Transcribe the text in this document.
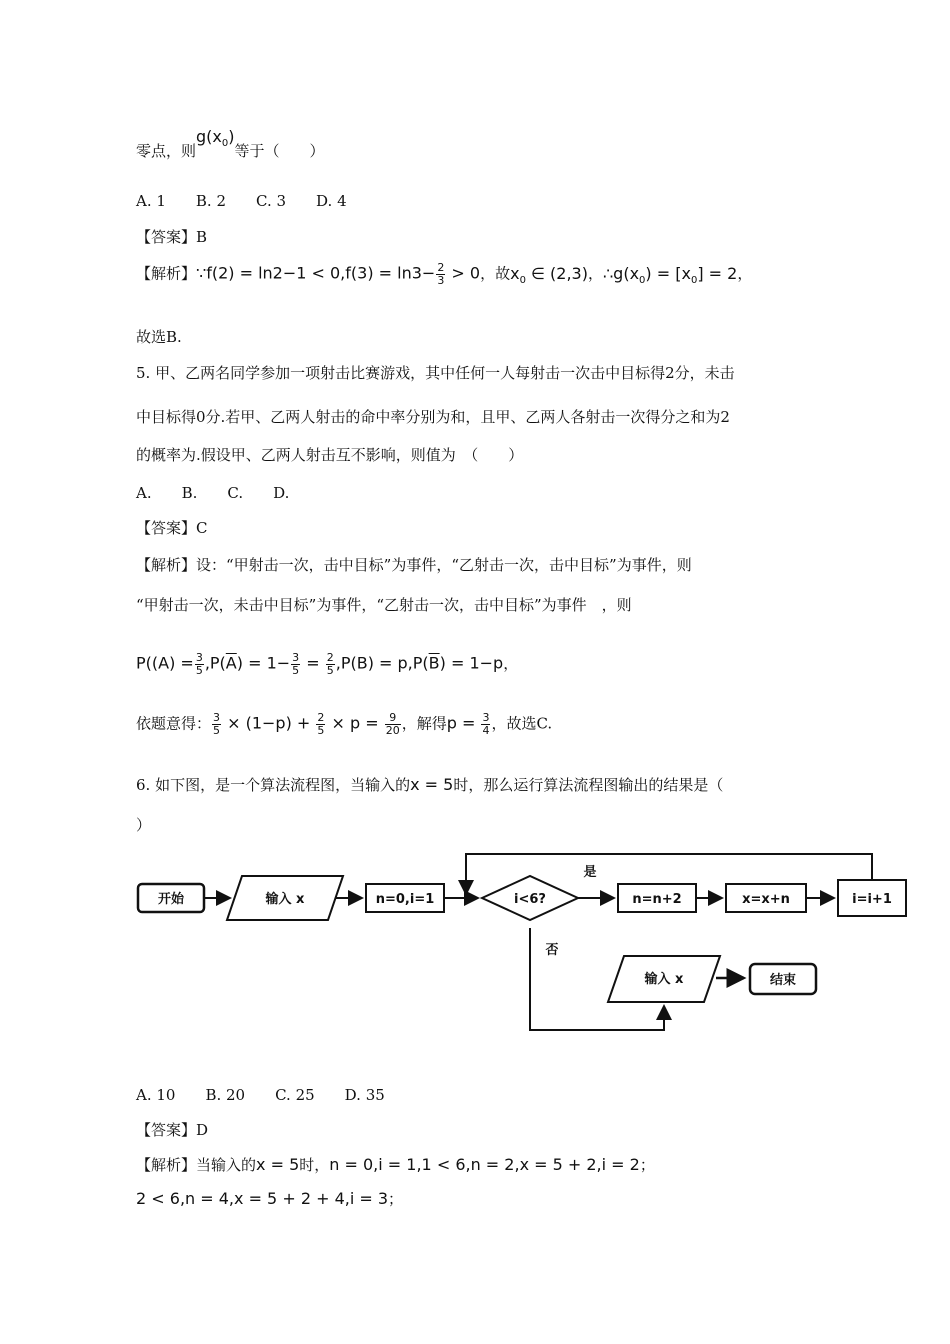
零点，则$g(x_0)$等于（　　）
A. 1　　B. 2　　C. 3　　D. 4
【答案】B
【解析】∵f(2) = $\ln 2-1 < 0,f(3) = \ln 3- \frac{2}{3} > 0$，故$x_0$ ∈ (2,3)，$\therefore g(x_0) = [x_0] = 2$，
故选B.
5. 甲、乙两名同学参加一项射击比赛游戏，其中任何一人每射击一次击中目标得2分，未击
中目标得0分.若甲、乙两人射击的命中率分别为和，且甲、乙两人各射击一次得分之和为2
的概率为.假设甲、乙两人射击互不影响，则值为　（　　）
A.　　B.　　C.　　D.
【答案】C
【解析】设：“甲射击一次，击中目标”为事件，“乙射击一次，击中目标”为事件，则
“甲射击一次，未击中目标”为事件，“乙射击一次，击中目标”为事件　，则
$P((A) = \frac{3}{5} ,P(\overline{A}) = 1- \frac{3}{5} = \frac{2}{5} ,P(B) = p,P(\overline{B}) = 1-p$，
依题意得： $\frac{3}{5} \times (1-p) + \frac{2}{5} \times p = \frac{9}{20}$ ，解得$p = \frac{3}{4}$ ，故选C.
6. 如下图，是一个算法流程图，当输入的x = 5时，那么运行算法流程图输出的结果是（
）
开始	输入 x	n=0,i=1	i<6?
是
n=n+2	x=x+n	i=i+1
否
输入 x	结束
A. 10　　B. 20　　C. 25　　D. 35
【答案】D
【解析】当输入的x = 5时，n = 0,i = 1,1 < 6,n = 2,x = 5 + 2,i = 2；
2 < 6,n = 4,x = 5 + 2 + 4,i = 3；
